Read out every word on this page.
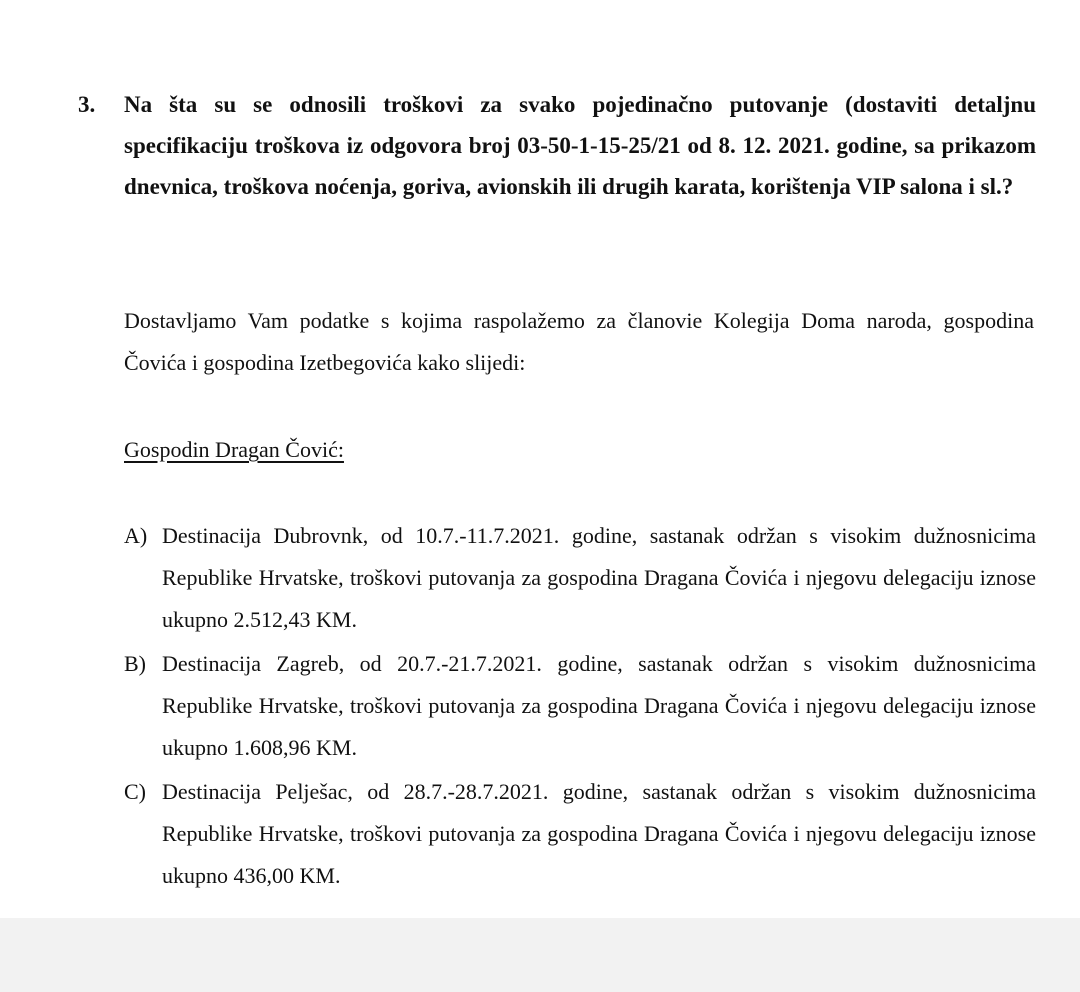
3. Na šta su se odnosili troškovi za svako pojedinačno putovanje (dostaviti detaljnu specifikaciju troškova iz odgovora broj 03-50-1-15-25/21 od 8. 12. 2021. godine, sa prikazom dnevnica, troškova noćenja, goriva, avionskih ili drugih karata, korištenja VIP salona i sl.?
Dostavljamo Vam podatke s kojima raspolažemo za članovie Kolegija Doma naroda, gospodina Čovića i gospodina Izetbegovića kako slijedi:
Gospodin Dragan Čović:
A) Destinacija Dubrovnk, od 10.7.-11.7.2021. godine, sastanak održan s visokim dužnosnicima Republike Hrvatske, troškovi putovanja za gospodina Dragana Čovića i njegovu delegaciju iznose ukupno 2.512,43 KM.
B) Destinacija Zagreb, od 20.7.-21.7.2021. godine, sastanak održan s visokim dužnosnicima Republike Hrvatske, troškovi putovanja za gospodina Dragana Čovića i njegovu delegaciju iznose ukupno 1.608,96 KM.
C) Destinacija Pelješac, od 28.7.-28.7.2021. godine, sastanak održan s visokim dužnosnicima Republike Hrvatske, troškovi putovanja za gospodina Dragana Čovića i njegovu delegaciju iznose ukupno 436,00 KM.
